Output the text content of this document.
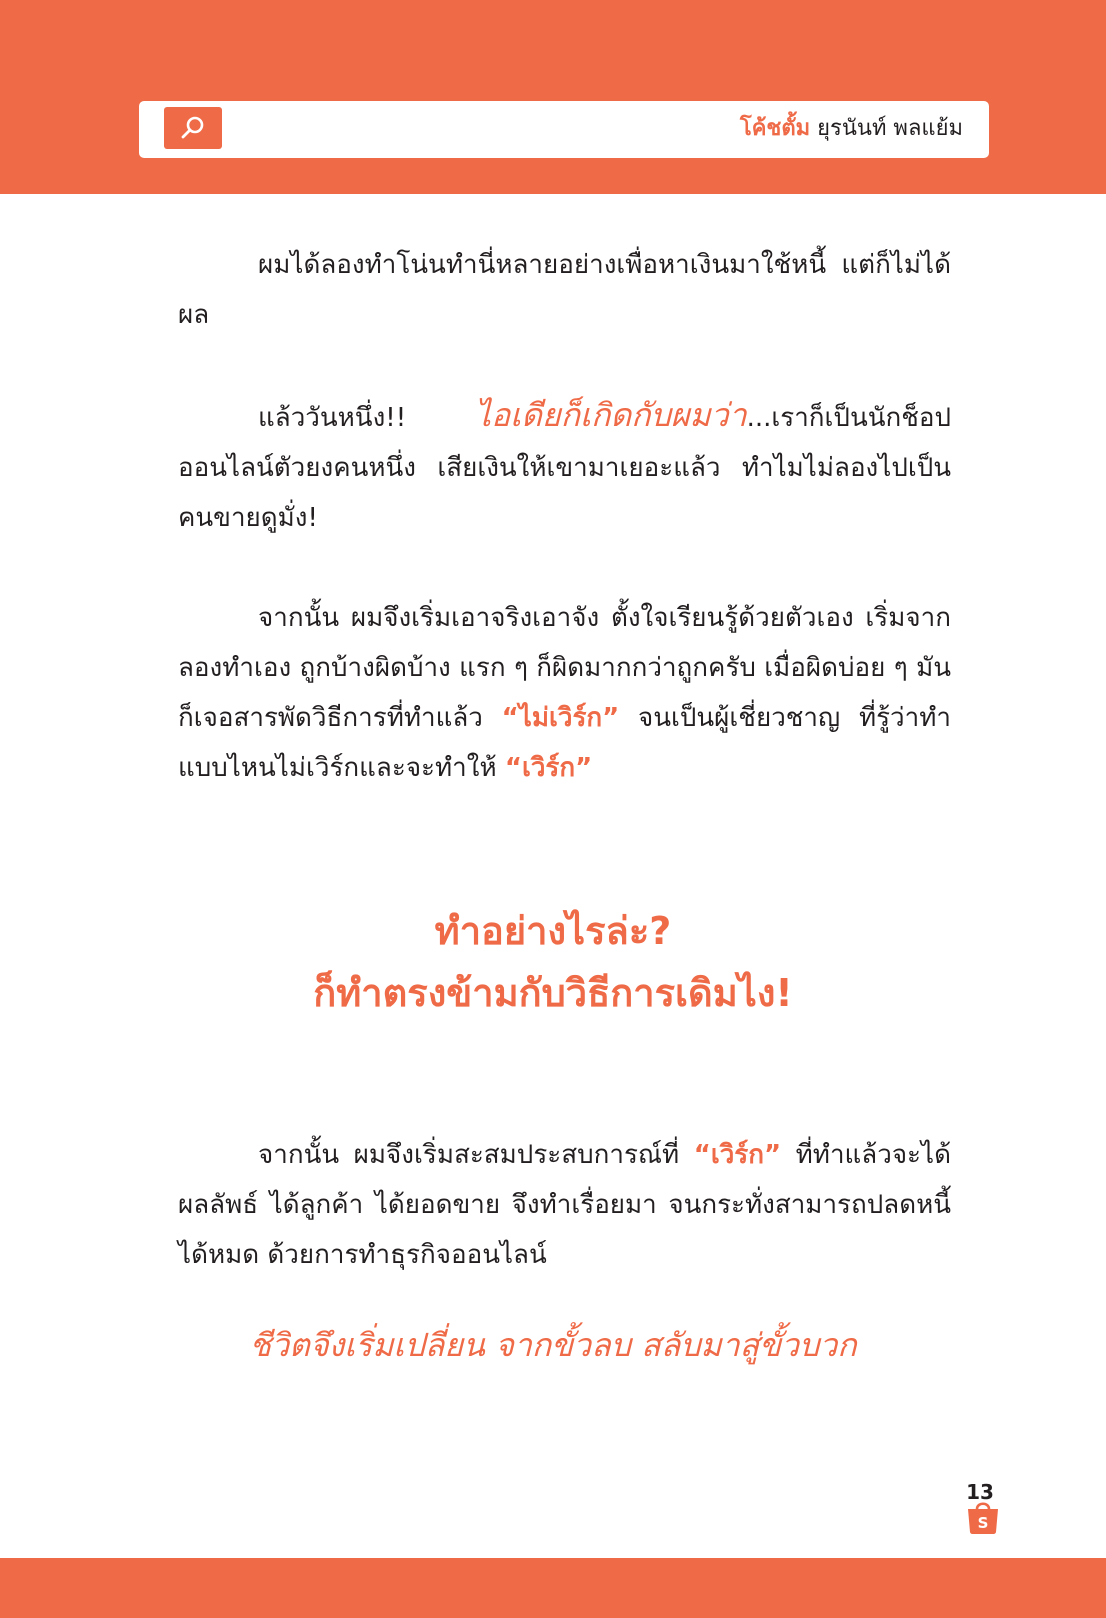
โค้ชตั้ม ยุรนันท์ พลแย้ม

ผมได้ลองทำโน่นทำนี่หลายอย่างเพื่อหาเงินมาใช้หนี้ แต่ก็ไม่ได้ผล

แล้ววันหนึ่ง!! ไอเดียก็เกิดกับผมว่า...เราก็เป็นนักช็อปออนไลน์ตัวยงคนหนึ่ง เสียเงินให้เขามาเยอะแล้ว ทำไมไม่ลองไปเป็นคนขายดูมั่ง!

จากนั้น ผมจึงเริ่มเอาจริงเอาจัง ตั้งใจเรียนรู้ด้วยตัวเอง เริ่มจากลองทำเอง ถูกบ้างผิดบ้าง แรก ๆ ก็ผิดมากกว่าถูกครับ เมื่อผิดบ่อย ๆ มันก็เจอสารพัดวิธีการที่ทำแล้ว “ไม่เวิร์ก” จนเป็นผู้เชี่ยวชาญ ที่รู้ว่าทำแบบไหนไม่เวิร์กและจะทำให้ “เวิร์ก”

ทำอย่างไรล่ะ?
ก็ทำตรงข้ามกับวิธีการเดิมไง!

จากนั้น ผมจึงเริ่มสะสมประสบการณ์ที่ “เวิร์ก” ที่ทำแล้วจะได้ผลลัพธ์ ได้ลูกค้า ได้ยอดขาย จึงทำเรื่อยมา จนกระทั่งสามารถปลดหนี้ได้หมด ด้วยการทำธุรกิจออนไลน์

ชีวิตจึงเริ่มเปลี่ยน จากขั้วลบ สลับมาสู่ขั้วบวก
13
S
